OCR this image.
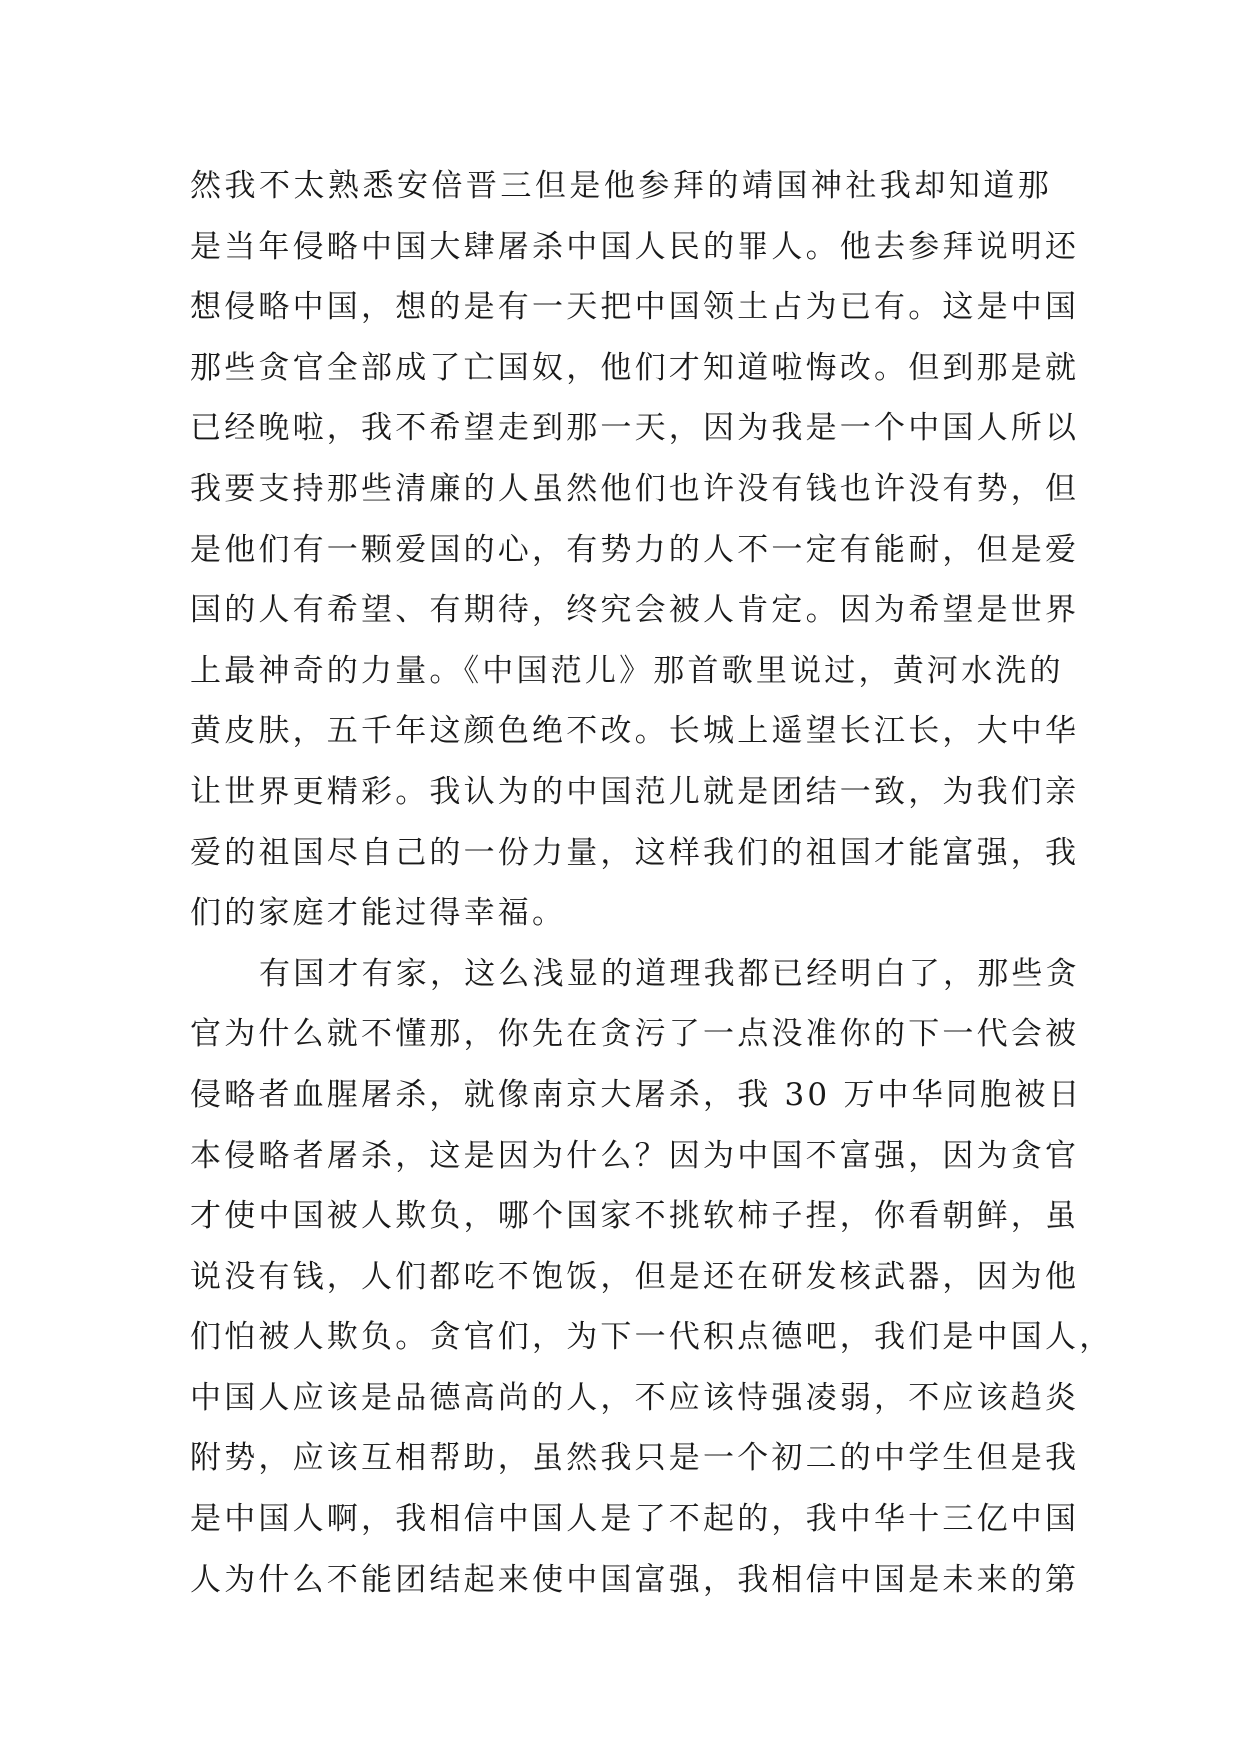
然我不太熟悉安倍晋三但是他参拜的靖国神社我却知道那
是当年侵略中国大肆屠杀中国人民的罪人。他去参拜说明还
想侵略中国，想的是有一天把中国领土占为已有。这是中国
那些贪官全部成了亡国奴，他们才知道啦悔改。但到那是就
已经晚啦，我不希望走到那一天，因为我是一个中国人所以
我要支持那些清廉的人虽然他们也许没有钱也许没有势，但
是他们有一颗爱国的心，有势力的人不一定有能耐，但是爱
国的人有希望、有期待，终究会被人肯定。因为希望是世界
上最神奇的力量。《中国范儿》那首歌里说过，黄河水洗的
黄皮肤，五千年这颜色绝不改。长城上遥望长江长，大中华
让世界更精彩。我认为的中国范儿就是团结一致，为我们亲
爱的祖国尽自己的一份力量，这样我们的祖国才能富强，我
们的家庭才能过得幸福。
有国才有家，这么浅显的道理我都已经明白了，那些贪
官为什么就不懂那，你先在贪污了一点没准你的下一代会被
侵略者血腥屠杀，就像南京大屠杀，我 30 万中华同胞被日
本侵略者屠杀，这是因为什么？因为中国不富强，因为贪官
才使中国被人欺负，哪个国家不挑软柿子捏，你看朝鲜，虽
说没有钱，人们都吃不饱饭，但是还在研发核武器，因为他
们怕被人欺负。贪官们，为下一代积点德吧，我们是中国人，
中国人应该是品德高尚的人，不应该恃强凌弱，不应该趋炎
附势，应该互相帮助，虽然我只是一个初二的中学生但是我
是中国人啊，我相信中国人是了不起的，我中华十三亿中国
人为什么不能团结起来使中国富强，我相信中国是未来的第
